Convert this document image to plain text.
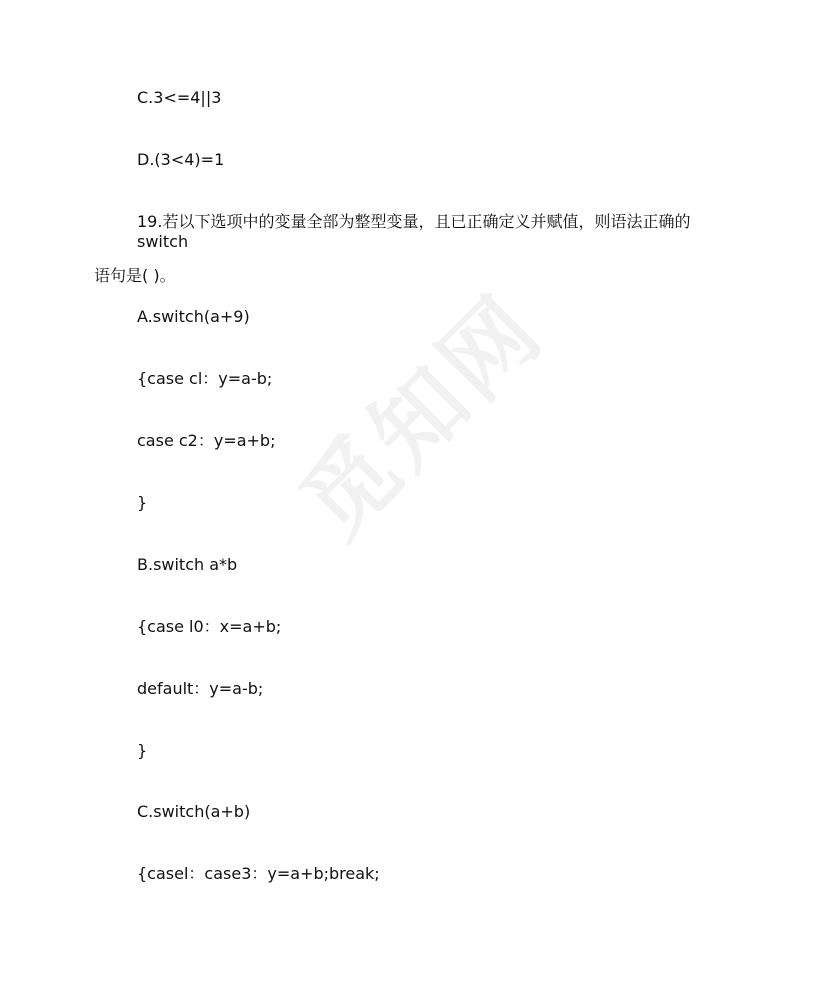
觅知网
C.3<=4||3
D.(3<4)=1
19.若以下选项中的变量全部为整型变量，且已正确定义并赋值，则语法正确的 switch
语句是( )。
A.switch(a+9)
{case cl：y=a-b;
case c2：y=a+b;
}
B.switch a*b
{case l0：x=a+b;
default：y=a-b;
}
C.switch(a+b)
{casel：case3：y=a+b;break;
